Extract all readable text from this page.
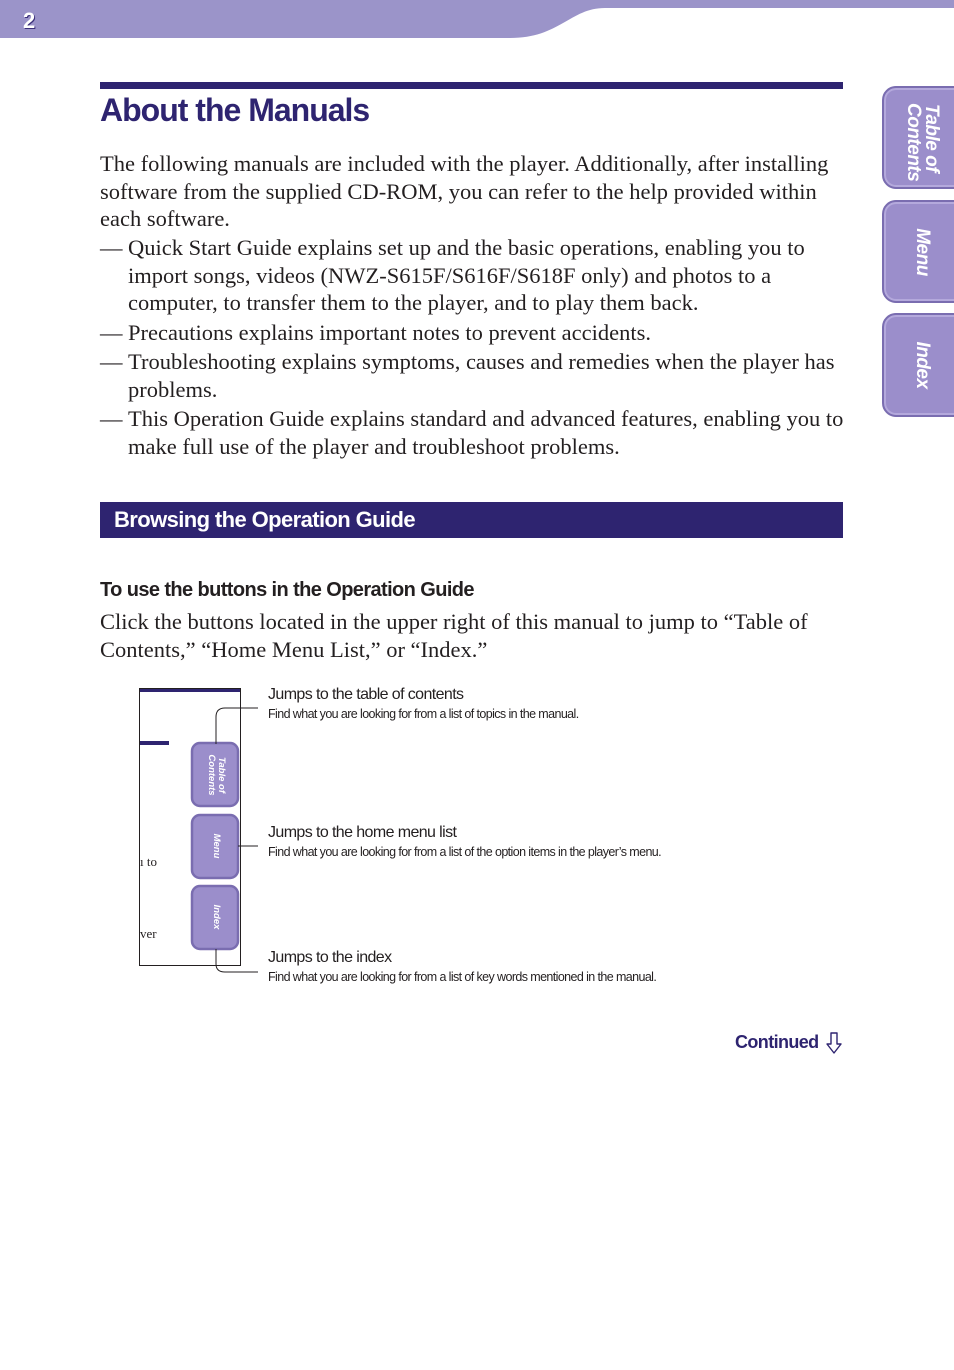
2
Table of Contents
Menu
Index
About the Manuals

The following manuals are included with the player. Additionally, after installing software from the supplied CD-ROM, you can refer to the help provided within each software.

— Quick Start Guide explains set up and the basic operations, enabling you to import songs, videos (NWZ-S615F/S616F/S618F only) and photos to a computer, to transfer them to the player, and to play them back.
— Precautions explains important notes to prevent accidents.
— Troubleshooting explains symptoms, causes and remedies when the player has problems.
— This Operation Guide explains standard and advanced features, enabling you to make full use of the player and troubleshoot problems.
Browsing the Operation Guide
To use the buttons in the Operation Guide

Click the buttons located in the upper right of this manual to jump to “Table of Contents,” “Home Menu List,” or “Index.”

Table of Contents
Menu
Index
ı to
ver
Jumps to the table of contents
Find what you are looking for from a list of topics in the manual.
Jumps to the home menu list
Find what you are looking for from a list of the option items in the player’s menu.
Jumps to the index
Find what you are looking for from a list of key words mentioned in the manual.
Continued
